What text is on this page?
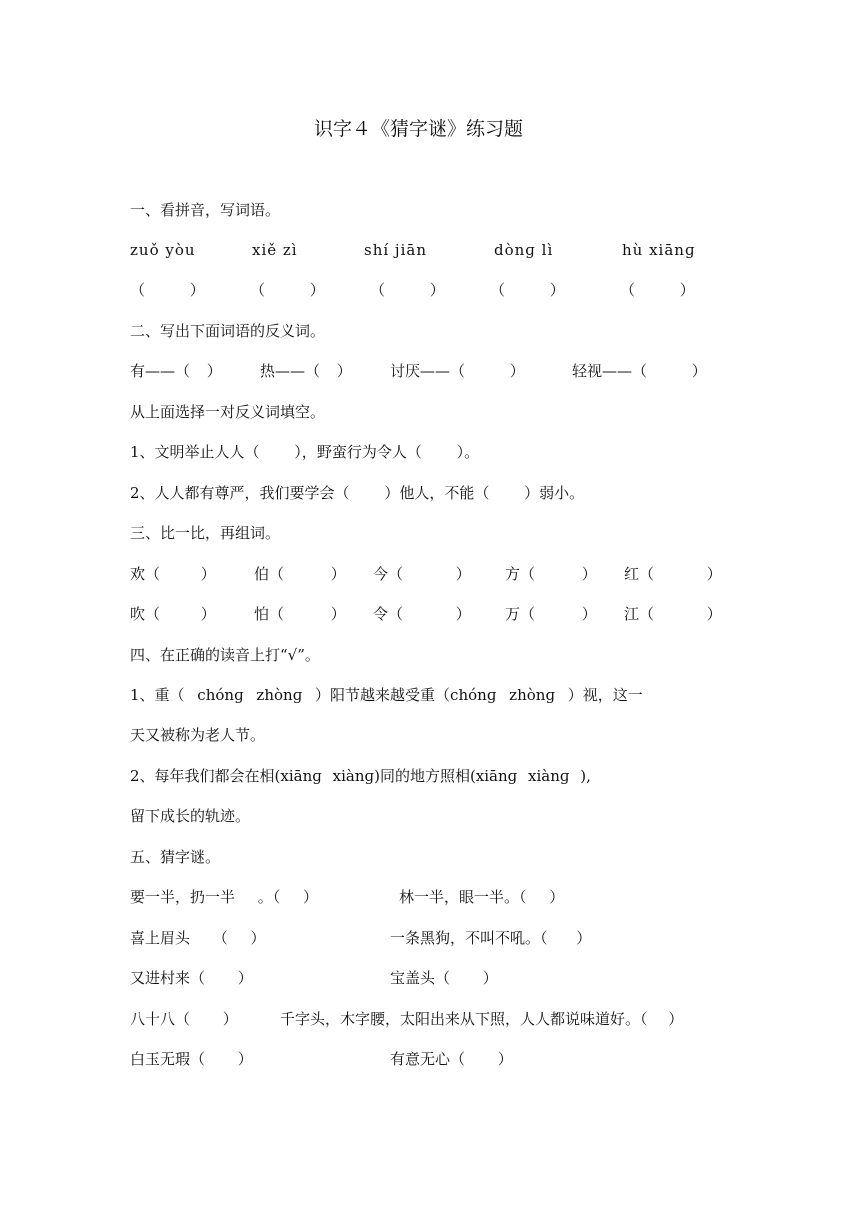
识字４《猜字谜》练习题
一、看拼音，写词语。
zuǒ yòu	xiě zì	shí jiān	dònɡ lì	hù xiānɡ
（ ）	（ ）	（ ）	（ ）	（ ）
二、写出下面词语的反义词。
有——（ ）	热——（ ）	讨厌——（ ）	轻视——（ ）
从上面选择一对反义词填空。
1、文明举止人人（ ），野蛮行为令人（ ）。
2、人人都有尊严，我们要学会（ ）他人，不能（ ）弱小。
三、比一比，再组词。
欢（ ）	伯（ ） 今（ ） 方（ ） 红（ ）
吹（ ）	怕（ ） 令（ ） 万（ ） 江（ ）
四、在正确的读音上打“√”。
1、重（ chónɡ zhònɡ ）阳节越来越受重（chónɡ zhònɡ ）视，这一
天又被称为老人节。
2、每年我们都会在相(xiānɡ xiànɡ)同的地方照相(xiānɡ xiànɡ ),
留下成长的轨迹。
五、猜字谜。
要一半，扔一半 。（ ）	林一半，眼一半。（ ）
喜上眉头 （ ）	一条黑狗，不叫不吼。（ ）
又进村来（ ）	宝盖头（ ）
八十八（ ）	千字头，木字腰，太阳出来从下照，人人都说味道好。（ ）
白玉无瑕（ ）	有意无心（ ）
